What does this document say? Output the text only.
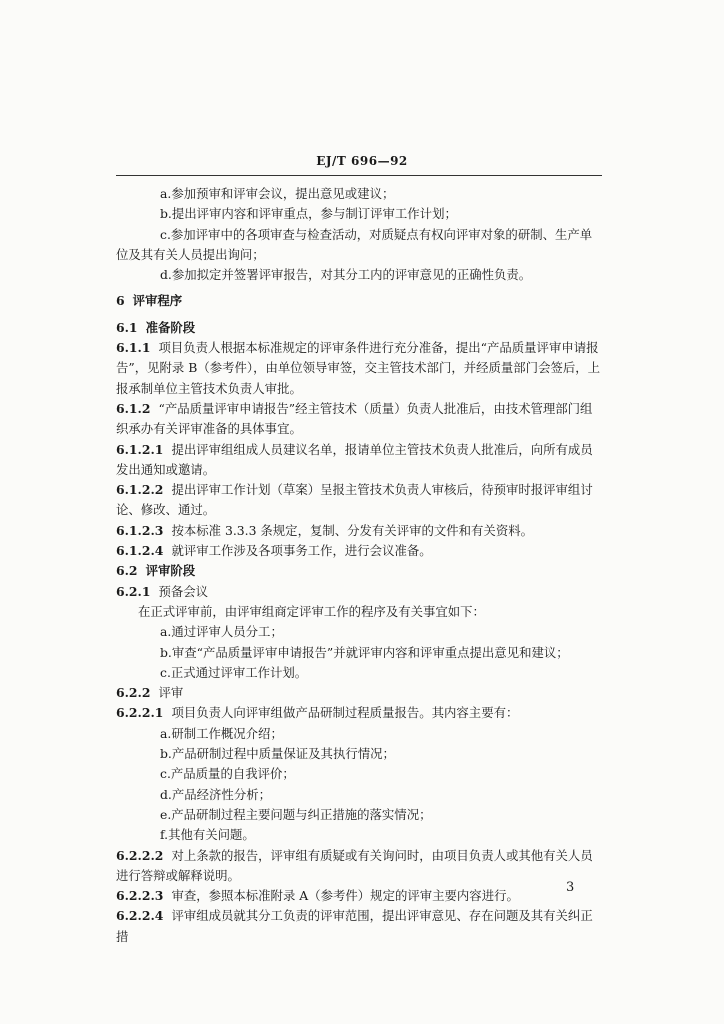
EJ/T 696—92

a.参加预审和评审会议，提出意见或建议；

b.提出评审内容和评审重点，参与制订评审工作计划；

c.参加评审中的各项审查与检查活动，对质疑点有权向评审对象的研制、生产单位及其有关人员提出询问；

d.参加拟定并签署评审报告，对其分工内的评审意见的正确性负责。

6 评审程序

6.1 准备阶段

6.1.1 项目负责人根据本标准规定的评审条件进行充分准备，提出“产品质量评审申请报告”，见附录 B（参考件），由单位领导审签，交主管技术部门，并经质量部门会签后，上报承制单位主管技术负责人审批。

6.1.2 “产品质量评审申请报告”经主管技术（质量）负责人批准后，由技术管理部门组织承办有关评审准备的具体事宜。

6.1.2.1 提出评审组组成人员建议名单，报请单位主管技术负责人批准后，向所有成员发出通知或邀请。

6.1.2.2 提出评审工作计划（草案）呈报主管技术负责人审核后，待预审时报评审组讨论、修改、通过。

6.1.2.3 按本标准 3.3.3 条规定，复制、分发有关评审的文件和有关资料。

6.1.2.4 就评审工作涉及各项事务工作，进行会议准备。

6.2 评审阶段

6.2.1 预备会议

在正式评审前，由评审组商定评审工作的程序及有关事宜如下：

a.通过评审人员分工；

b.审查“产品质量评审申请报告”并就评审内容和评审重点提出意见和建议；

c.正式通过评审工作计划。

6.2.2 评审

6.2.2.1 项目负责人向评审组做产品研制过程质量报告。其内容主要有：

a.研制工作概况介绍；

b.产品研制过程中质量保证及其执行情况；

c.产品质量的自我评价；

d.产品经济性分析；

e.产品研制过程主要问题与纠正措施的落实情况；

f.其他有关问题。

6.2.2.2 对上条款的报告，评审组有质疑或有关询问时，由项目负责人或其他有关人员进行答辩或解释说明。

6.2.2.3 审查，参照本标准附录 A（参考件）规定的评审主要内容进行。

6.2.2.4 评审组成员就其分工负责的评审范围，提出评审意见、存在问题及其有关纠正措

3
